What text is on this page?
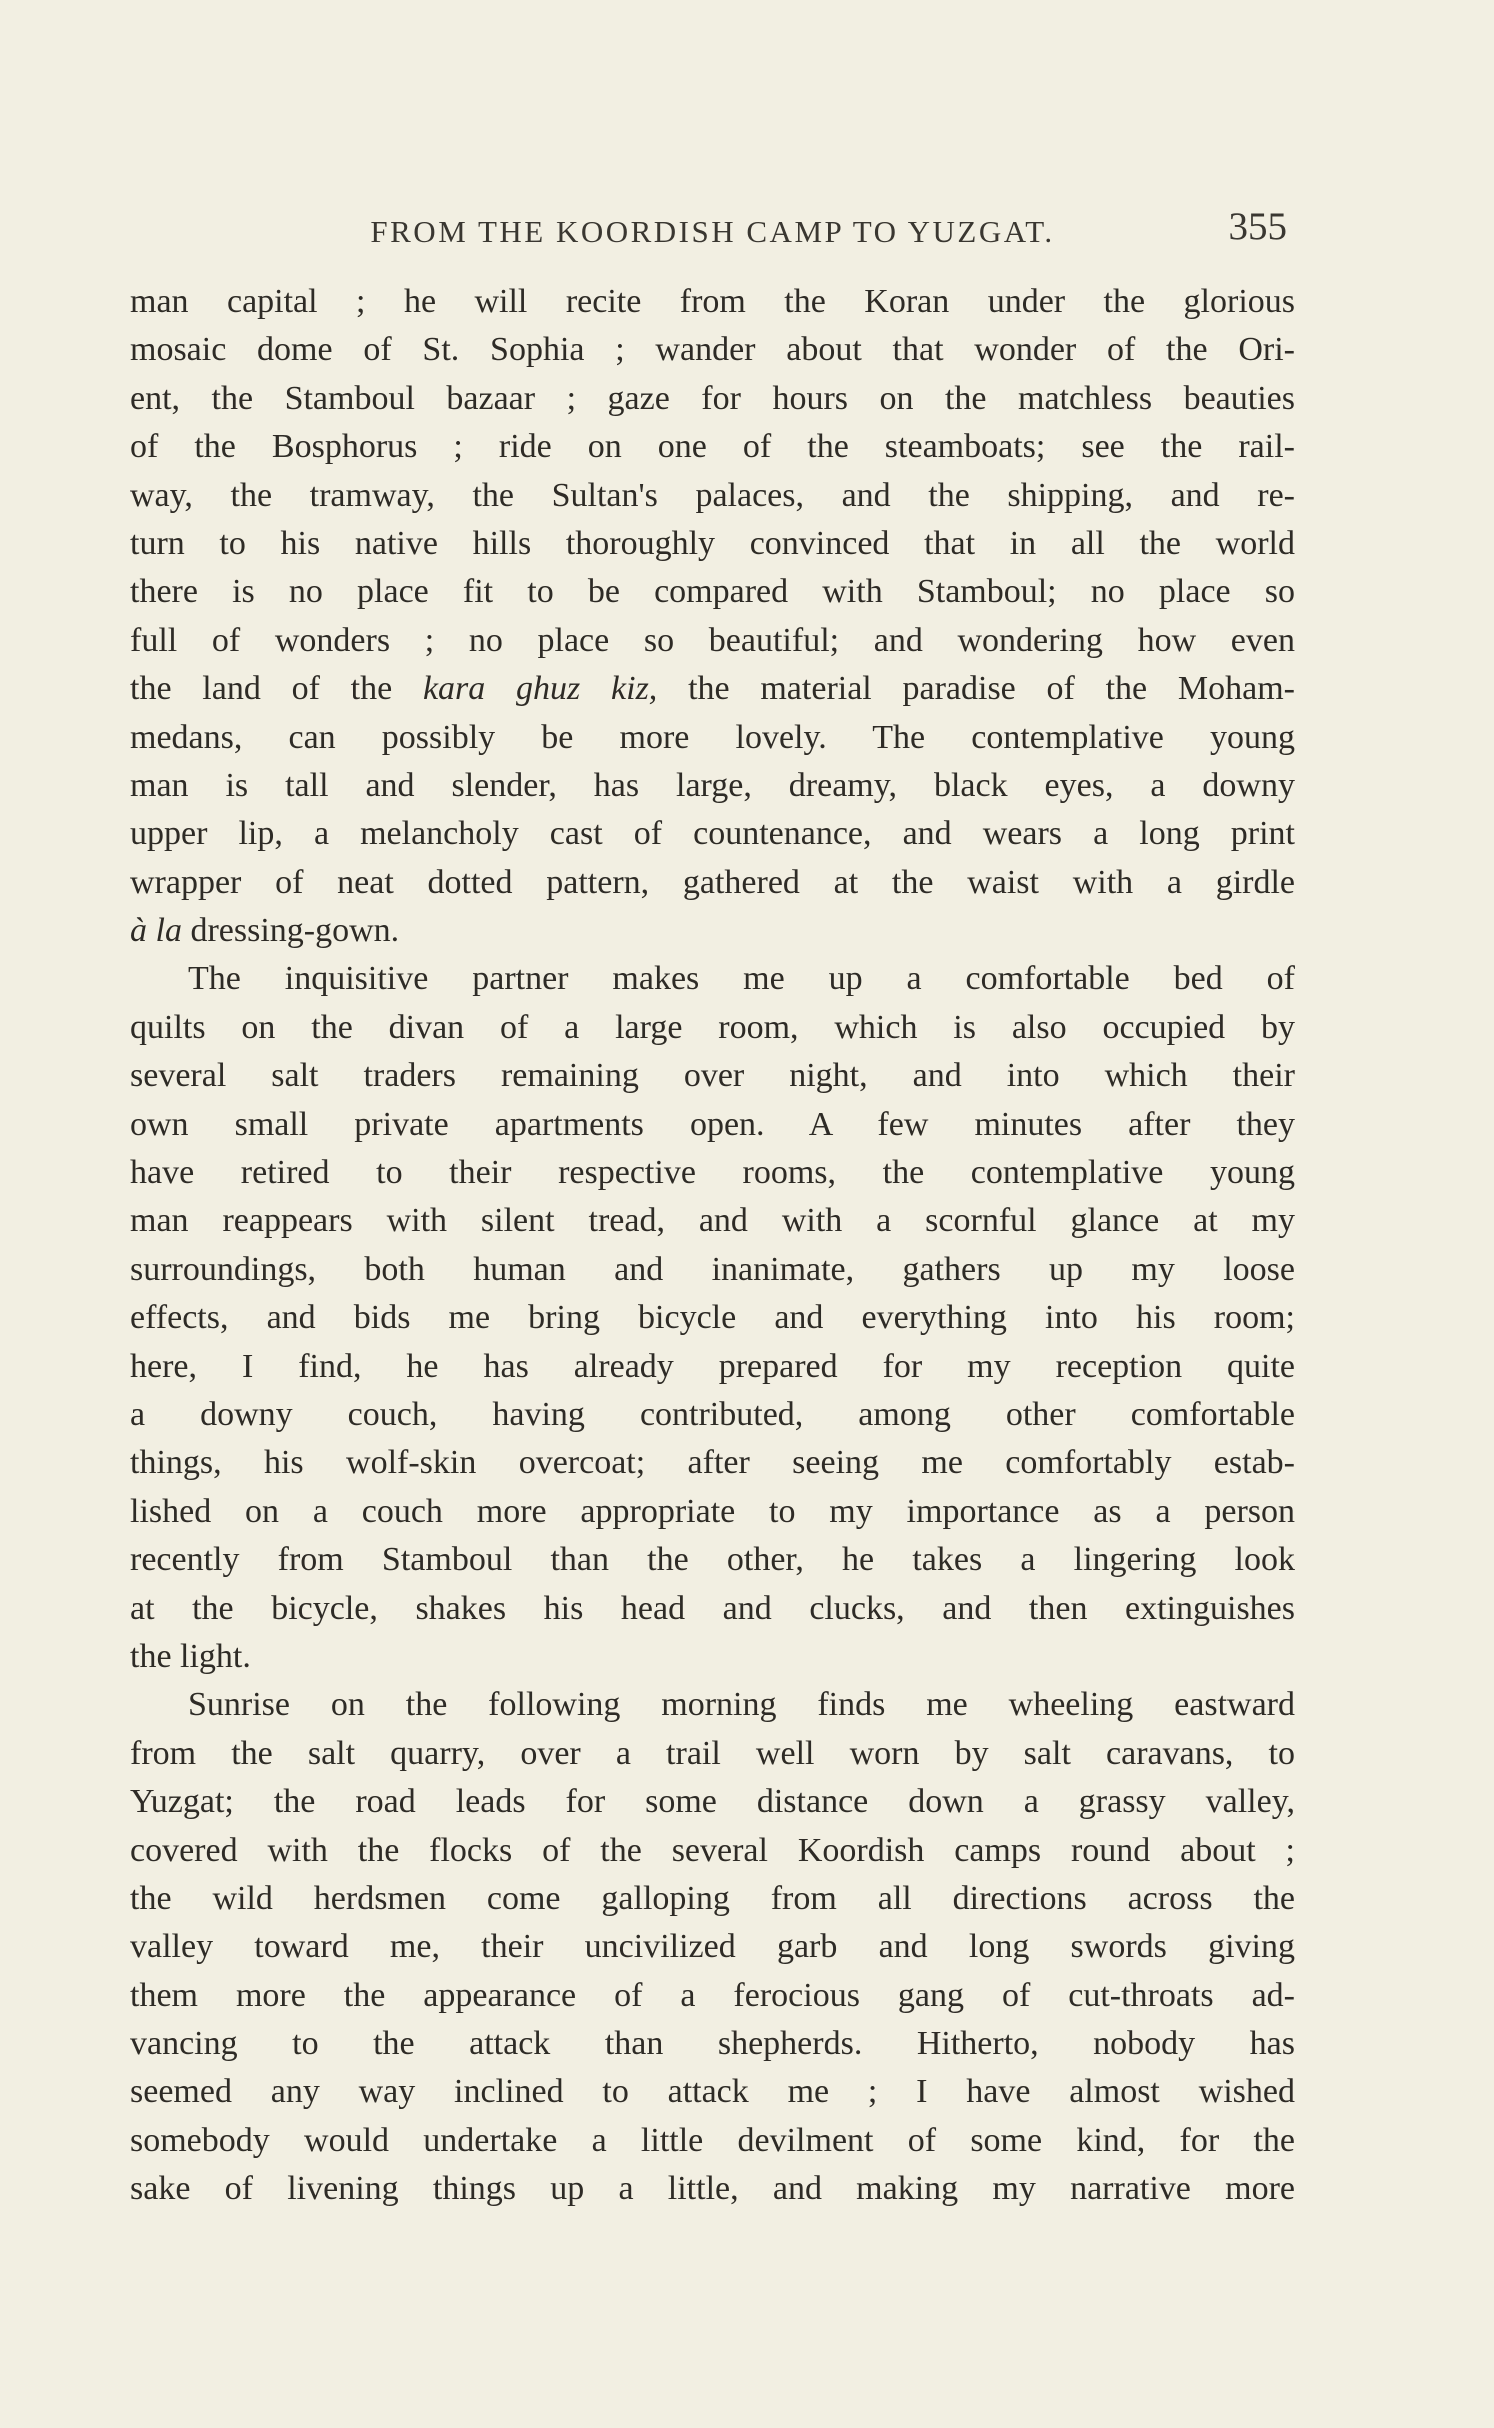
FROM THE KOORDISH CAMP TO YUZGAT.	355
man capital ; he will recite from the Koran under the glorious
mosaic dome of St. Sophia ; wander about that wonder of the Ori-
ent, the Stamboul bazaar ; gaze for hours on the matchless beauties
of the Bosphorus ; ride on one of the steamboats; see the rail-
way, the tramway, the Sultan's palaces, and the shipping, and re-
turn to his native hills thoroughly convinced that in all the world
there is no place fit to be compared with Stamboul; no place so
full of wonders ; no place so beautiful; and wondering how even
the land of the kara ghuz kiz, the material paradise of the Moham-
medans, can possibly be more lovely. The contemplative young
man is tall and slender, has large, dreamy, black eyes, a downy
upper lip, a melancholy cast of countenance, and wears a long print
wrapper of neat dotted pattern, gathered at the waist with a girdle
à la dressing-gown.
The inquisitive partner makes me up a comfortable bed of
quilts on the divan of a large room, which is also occupied by
several salt traders remaining over night, and into which their
own small private apartments open. A few minutes after they
have retired to their respective rooms, the contemplative young
man reappears with silent tread, and with a scornful glance at my
surroundings, both human and inanimate, gathers up my loose
effects, and bids me bring bicycle and everything into his room;
here, I find, he has already prepared for my reception quite
a downy couch, having contributed, among other comfortable
things, his wolf-skin overcoat; after seeing me comfortably estab-
lished on a couch more appropriate to my importance as a person
recently from Stamboul than the other, he takes a lingering look
at the bicycle, shakes his head and clucks, and then extinguishes
the light.
Sunrise on the following morning finds me wheeling eastward
from the salt quarry, over a trail well worn by salt caravans, to
Yuzgat; the road leads for some distance down a grassy valley,
covered with the flocks of the several Koordish camps round about ;
the wild herdsmen come galloping from all directions across the
valley toward me, their uncivilized garb and long swords giving
them more the appearance of a ferocious gang of cut-throats ad-
vancing to the attack than shepherds. Hitherto, nobody has
seemed any way inclined to attack me ; I have almost wished
somebody would undertake a little devilment of some kind, for the
sake of livening things up a little, and making my narrative more
